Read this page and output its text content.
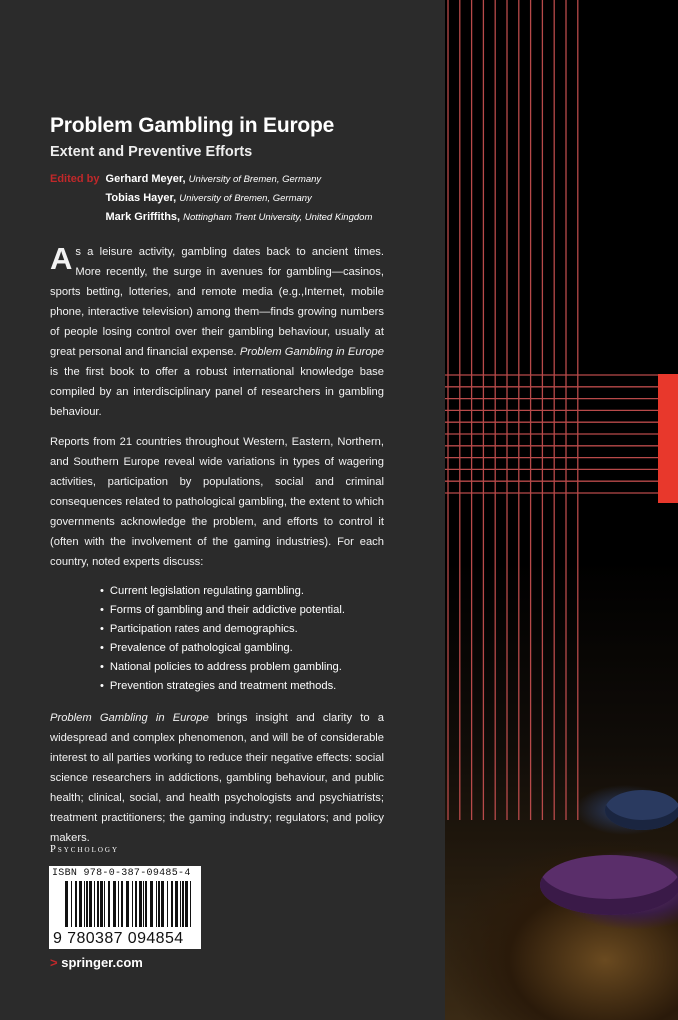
Problem Gambling in Europe
Extent and Preventive Efforts
Edited by Gerhard Meyer, University of Bremen, Germany
Tobias Hayer, University of Bremen, Germany
Mark Griffiths, Nottingham Trent University, United Kingdom
As a leisure activity, gambling dates back to ancient times. More recently, the surge in avenues for gambling—casinos, sports betting, lotteries, and remote media (e.g.,Internet, mobile phone, interactive television) among them—finds growing numbers of people losing control over their gambling behaviour, usually at great personal and financial expense. Problem Gambling in Europe is the first book to offer a robust international knowledge base compiled by an interdisciplinary panel of researchers in gambling behaviour.
Reports from 21 countries throughout Western, Eastern, Northern, and Southern Europe reveal wide variations in types of wagering activities, participation by populations, social and criminal consequences related to pathological gambling, the extent to which governments acknowledge the problem, and efforts to control it (often with the involvement of the gaming industries). For each country, noted experts discuss:
• Current legislation regulating gambling.
• Forms of gambling and their addictive potential.
• Participation rates and demographics.
• Prevalence of pathological gambling.
• National policies to address problem gambling.
• Prevention strategies and treatment methods.
Problem Gambling in Europe brings insight and clarity to a widespread and complex phenomenon, and will be of considerable interest to all parties working to reduce their negative effects: social science researchers in addictions, gambling behaviour, and public health; clinical, social, and health psychologists and psychiatrists; treatment practitioners; the gaming industry; regulators; and policy makers.
Psychology
ISBN 978-0-387-09485-4
9 780387 094854
> springer.com
